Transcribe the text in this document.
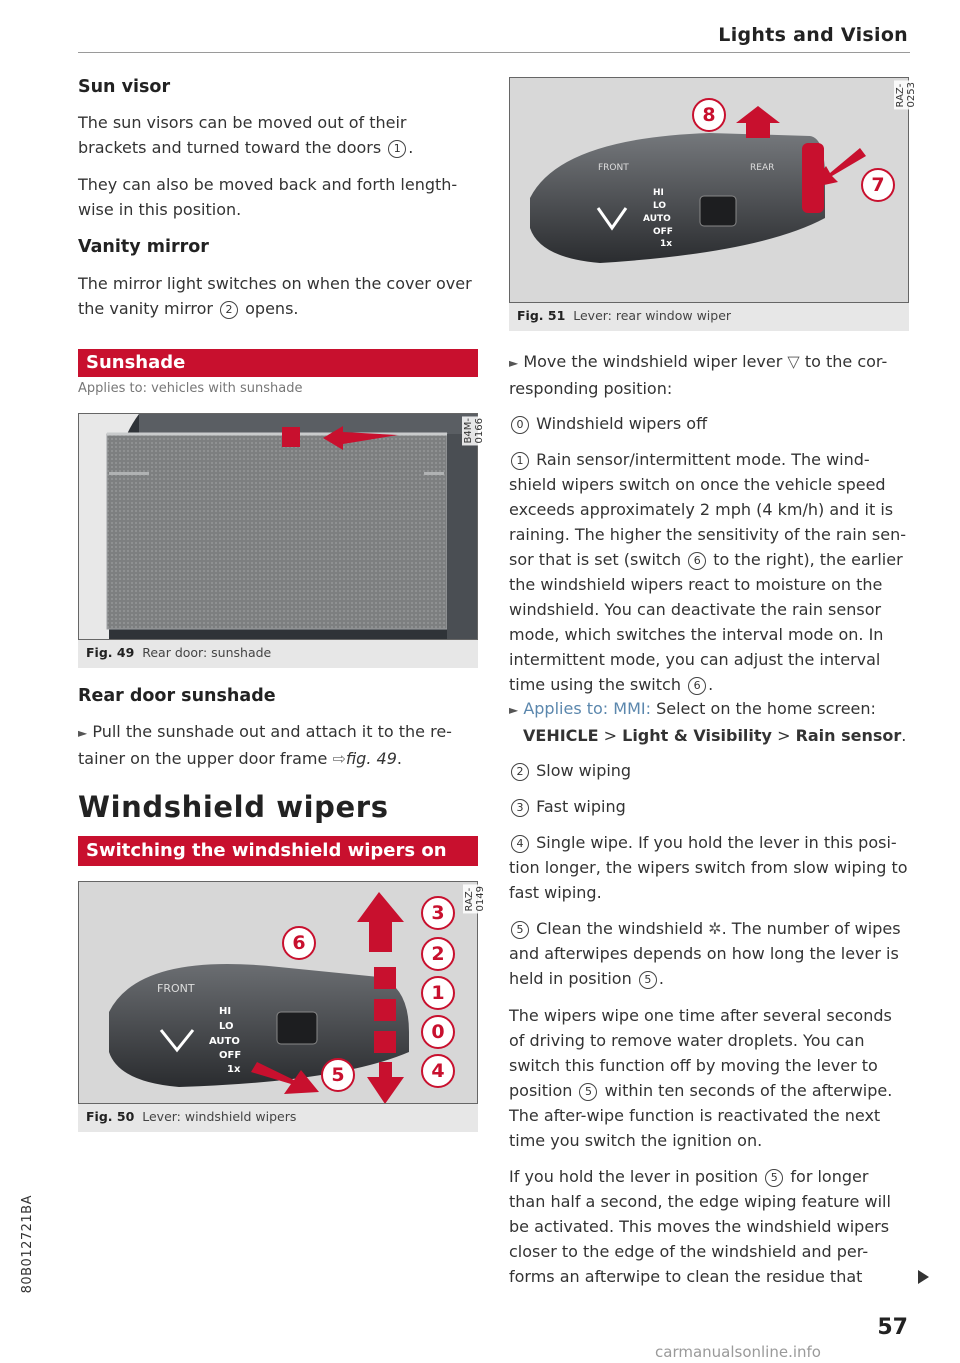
Lights and Vision
Sun visor

The sun visors can be moved out of their brackets and turned toward the doors 1 .

They can also be moved back and forth length-wise in this position.

Vanity mirror

The mirror light switches on when the cover over the vanity mirror 2 opens.

Sunshade
Applies to: vehicles with sunshade
B4M-0166
Fig. 49 Rear door: sunshade
Rear door sunshade

► Pull the sunshade out and attach it to the re-tainer on the upper door frame ⇨fig. 49.

Windshield wipers
Switching the windshield wipers on
FRONT
HI
LO
AUTO
OFF
1x
3
6	2
1
0
4
5
RAZ-0149
Fig. 50 Lever: windshield wipers
FRONT	REAR
HI
LO
AUTO
OFF
1x
8
7
RAZ-0253
Fig. 51 Lever: rear window wiper

► Move the windshield wiper lever ▽ to the cor-responding position:

0 Windshield wipers off

1 Rain sensor/intermittent mode. The wind-shield wipers switch on once the vehicle speed exceeds approximately 2 mph (4 km/h) and it is raining. The higher the sensitivity of the rain sen-sor that is set (switch 6 to the right), the earlier the windshield wipers react to moisture on the windshield. You can deactivate the rain sensor mode, which switches the interval mode on. In intermittent mode, you can adjust the interval time using the switch 6 .

► Applies to: MMI: Select on the home screen:
VEHICLE > Light & Visibility > Rain sensor.

2 Slow wiping

3 Fast wiping

4 Single wipe. If you hold the lever in this posi-tion longer, the wipers switch from slow wiping to fast wiping.

5 Clean the windshield ✲. The number of wipes and afterwipes depends on how long the lever is held in position 5 .

The wipers wipe one time after several seconds of driving to remove water droplets. You can switch this function off by moving the lever to position 5 within ten seconds of the afterwipe. The after-wipe function is reactivated the next time you switch the ignition on.

If you hold the lever in position 5 for longer than half a second, the edge wiping feature will be activated. This moves the windshield wipers closer to the edge of the windshield and per-forms an afterwipe to clean the residue that

80B012721BA
57
carmanualsonline.info
